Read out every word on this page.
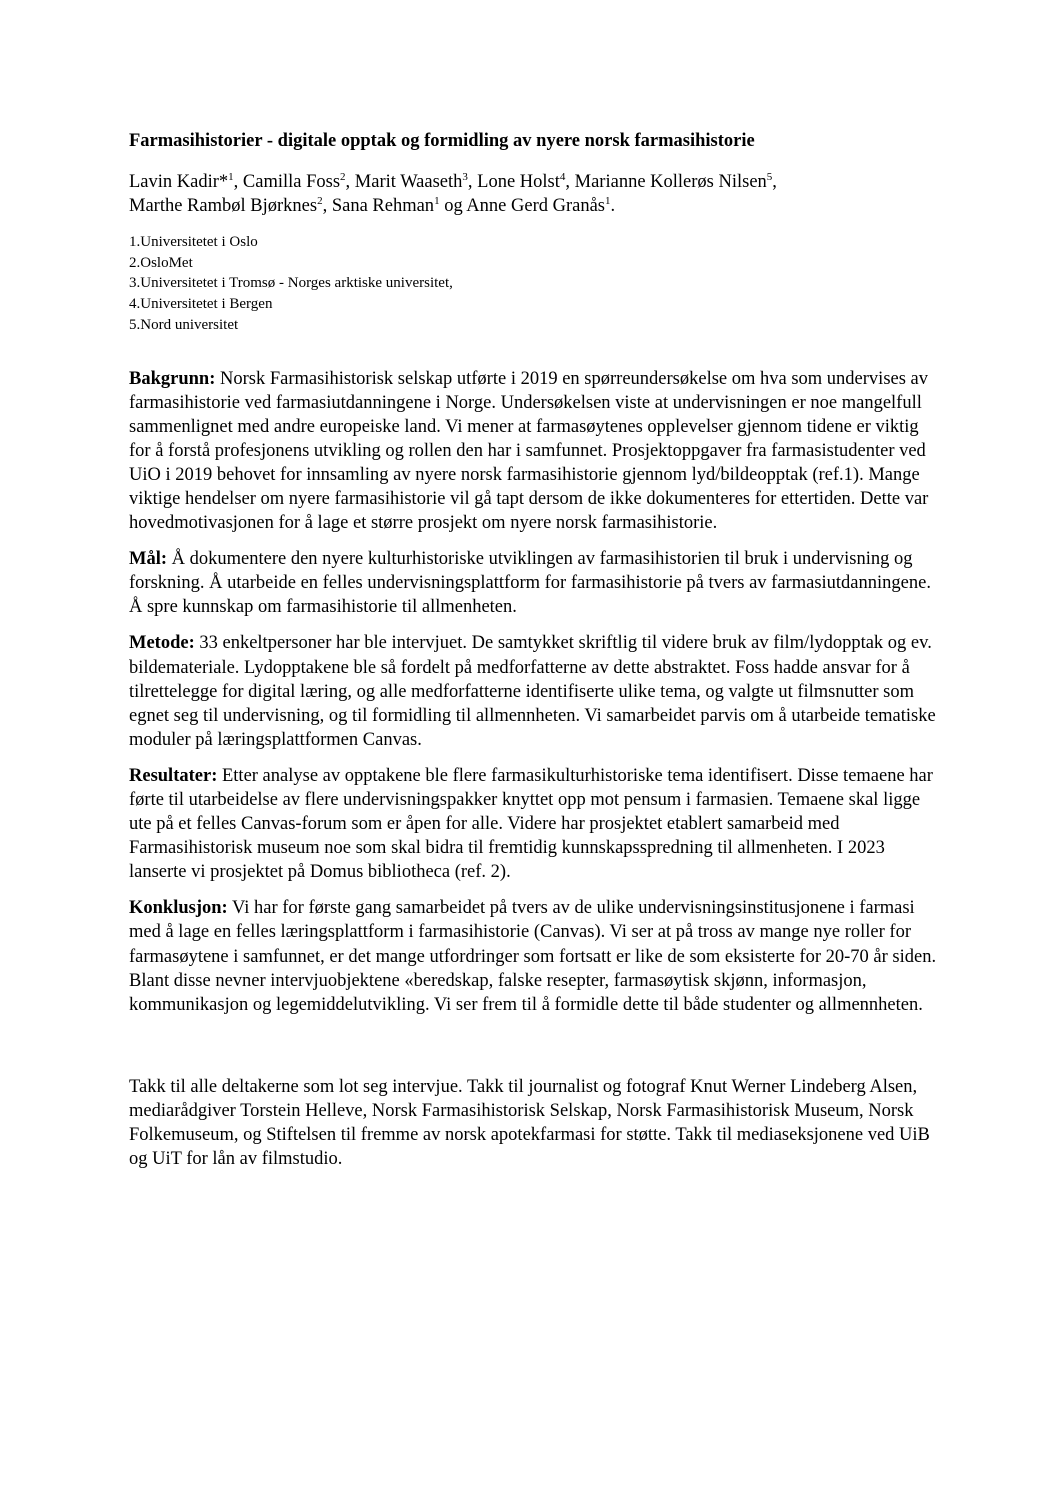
Farmasihistorier - digitale opptak og formidling av nyere norsk farmasihistorie
Lavin Kadir*$^1$, Camilla Foss$^2$, Marit Waaseth$^3$, Lone Holst$^4$, Marianne Kollerøs Nilsen$^5$,
Marthe Rambøl Bjørknes$^2$, Sana Rehman$^1$ og Anne Gerd Granås$^1$.
1.Universitetet i Oslo
2.OsloMet
3.Universitetet i Tromsø - Norges arktiske universitet,
4.Universitetet i Bergen
5.Nord universitet

Bakgrunn: Norsk Farmasihistorisk selskap utførte i 2019 en spørreundersøkelse om hva som undervises av farmasihistorie ved farmasiutdanningene i Norge. Undersøkelsen viste at undervisningen er noe mangelfull sammenlignet med andre europeiske land. Vi mener at farmasøytenes opplevelser gjennom tidene er viktig for å forstå profesjonens utvikling og rollen den har i samfunnet. Prosjektoppgaver fra farmasistudenter ved UiO i 2019 behovet for innsamling av nyere norsk farmasihistorie gjennom lyd/bildeopptak (ref.1). Mange viktige hendelser om nyere farmasihistorie vil gå tapt dersom de ikke dokumenteres for ettertiden. Dette var hovedmotivasjonen for å lage et større prosjekt om nyere norsk farmasihistorie.

Mål: Å dokumentere den nyere kulturhistoriske utviklingen av farmasihistorien til bruk i undervisning og forskning. Å utarbeide en felles undervisningsplattform for farmasihistorie på tvers av farmasiutdanningene. Å spre kunnskap om farmasihistorie til allmenheten.

Metode: 33 enkeltpersoner har ble intervjuet. De samtykket skriftlig til videre bruk av film/lydopptak og ev. bildemateriale. Lydopptakene ble så fordelt på medforfatterne av dette abstraktet. Foss hadde ansvar for å tilrettelegge for digital læring, og alle medforfatterne identifiserte ulike tema, og valgte ut filmsnutter som egnet seg til undervisning, og til formidling til allmennheten. Vi samarbeidet parvis om å utarbeide tematiske moduler på læringsplattformen Canvas.

Resultater: Etter analyse av opptakene ble flere farmasikulturhistoriske tema identifisert. Disse temaene har førte til utarbeidelse av flere undervisningspakker knyttet opp mot pensum i farmasien. Temaene skal ligge ute på et felles Canvas-forum som er åpen for alle. Videre har prosjektet etablert samarbeid med Farmasihistorisk museum noe som skal bidra til fremtidig kunnskapsspredning til allmenheten. I 2023 lanserte vi prosjektet på Domus bibliotheca (ref. 2).

Konklusjon: Vi har for første gang samarbeidet på tvers av de ulike undervisningsinstitusjonene i farmasi med å lage en felles læringsplattform i farmasihistorie (Canvas). Vi ser at på tross av mange nye roller for farmasøytene i samfunnet, er det mange utfordringer som fortsatt er like de som eksisterte for 20-70 år siden. Blant disse nevner intervjuobjektene «beredskap, falske resepter, farmasøytisk skjønn, informasjon, kommunikasjon og legemiddelutvikling. Vi ser frem til å formidle dette til både studenter og allmennheten.

Takk til alle deltakerne som lot seg intervjue. Takk til journalist og fotograf Knut Werner Lindeberg Alsen, mediarådgiver Torstein Helleve, Norsk Farmasihistorisk Selskap, Norsk Farmasihistorisk Museum, Norsk Folkemuseum, og Stiftelsen til fremme av norsk apotekfarmasi for støtte. Takk til mediaseksjonene ved UiB og UiT for lån av filmstudio.
